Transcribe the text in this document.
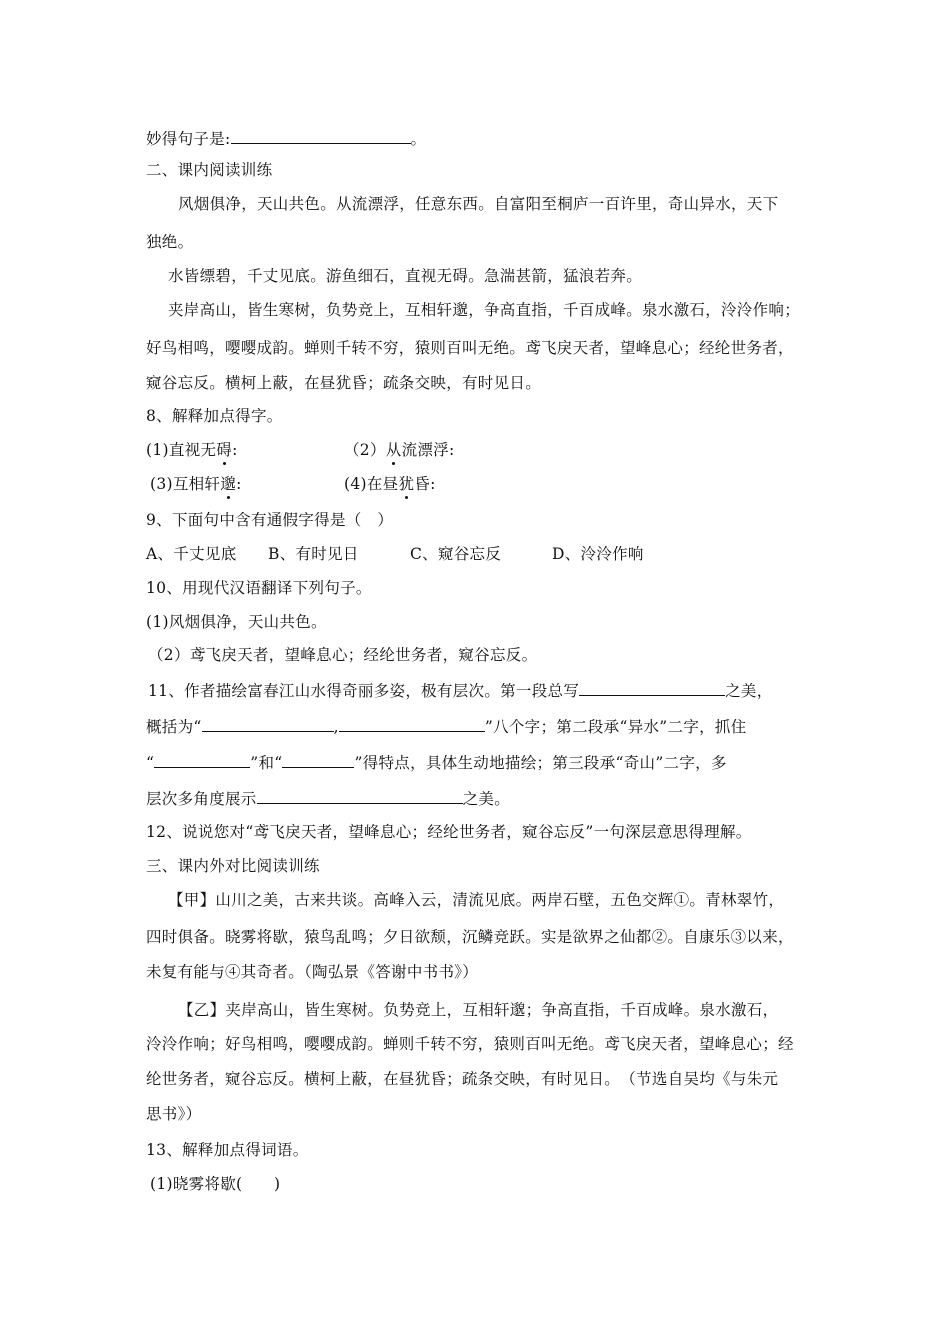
妙得句子是:	。
二、课内阅读训练
风烟俱净，天山共色。从流漂浮，任意东西。自富阳至桐庐一百许里，奇山异水，天下
独绝。
水皆缥碧，千丈见底。游鱼细石，直视无碍。急湍甚箭，猛浪若奔。
夹岸高山，皆生寒树，负势竞上，互相轩邈，争高直指，千百成峰。泉水激石，泠泠作响；
好鸟相鸣，嘤嘤成韵。蝉则千转不穷，猿则百叫无绝。鸢飞戾天者，望峰息心；经纶世务者，
窥谷忘反。横柯上蔽，在昼犹昏；疏条交映，有时见日。
8、解释加点得字。
(1)直视无碍:	（2）从流漂浮:
(3)互相轩邈:	(4)在昼犹昏:
9、下面句中含有通假字得是（　）
A、千丈见底 B、有时见日	C、窥谷忘反	D、泠泠作响
10、用现代汉语翻译下列句子。
(1)风烟俱净，天山共色。
（2）鸢飞戾天者，望峰息心；经纶世务者，窥谷忘反。
11、作者描绘富春江山水得奇丽多姿，极有层次。第一段总写	之美，
概括为“	,	”八个字；第二段承“异水”二字，抓住
“	”和“	”得特点，具体生动地描绘；第三段承“奇山”二字，多
层次多角度展示	之美。
12、说说您对“鸢飞戾天者，望峰息心；经纶世务者，窥谷忘反”一句深层意思得理解。
三、课内外对比阅读训练
【甲】山川之美，古来共谈。高峰入云，清流见底。两岸石壁，五色交辉①。青林翠竹，
四时俱备。晓雾将歇，猿鸟乱鸣；夕日欲颓，沉鳞竞跃。实是欲界之仙都②。自康乐③以来，
未复有能与④其奇者。（陶弘景《答谢中书书》）
【乙】夹岸高山，皆生寒树。负势竞上，互相轩邈；争高直指，千百成峰。泉水激石，
泠泠作响；好鸟相鸣，嘤嘤成韵。蝉则千转不穷，猿则百叫无绝。鸢飞戾天者，望峰息心；经
纶世务者，窥谷忘反。横柯上蔽，在昼犹昏；疏条交映，有时见日。　（节选自吴均《与朱元
思书》）
13、解释加点得词语。
(1)晓雾将歇(　　)
